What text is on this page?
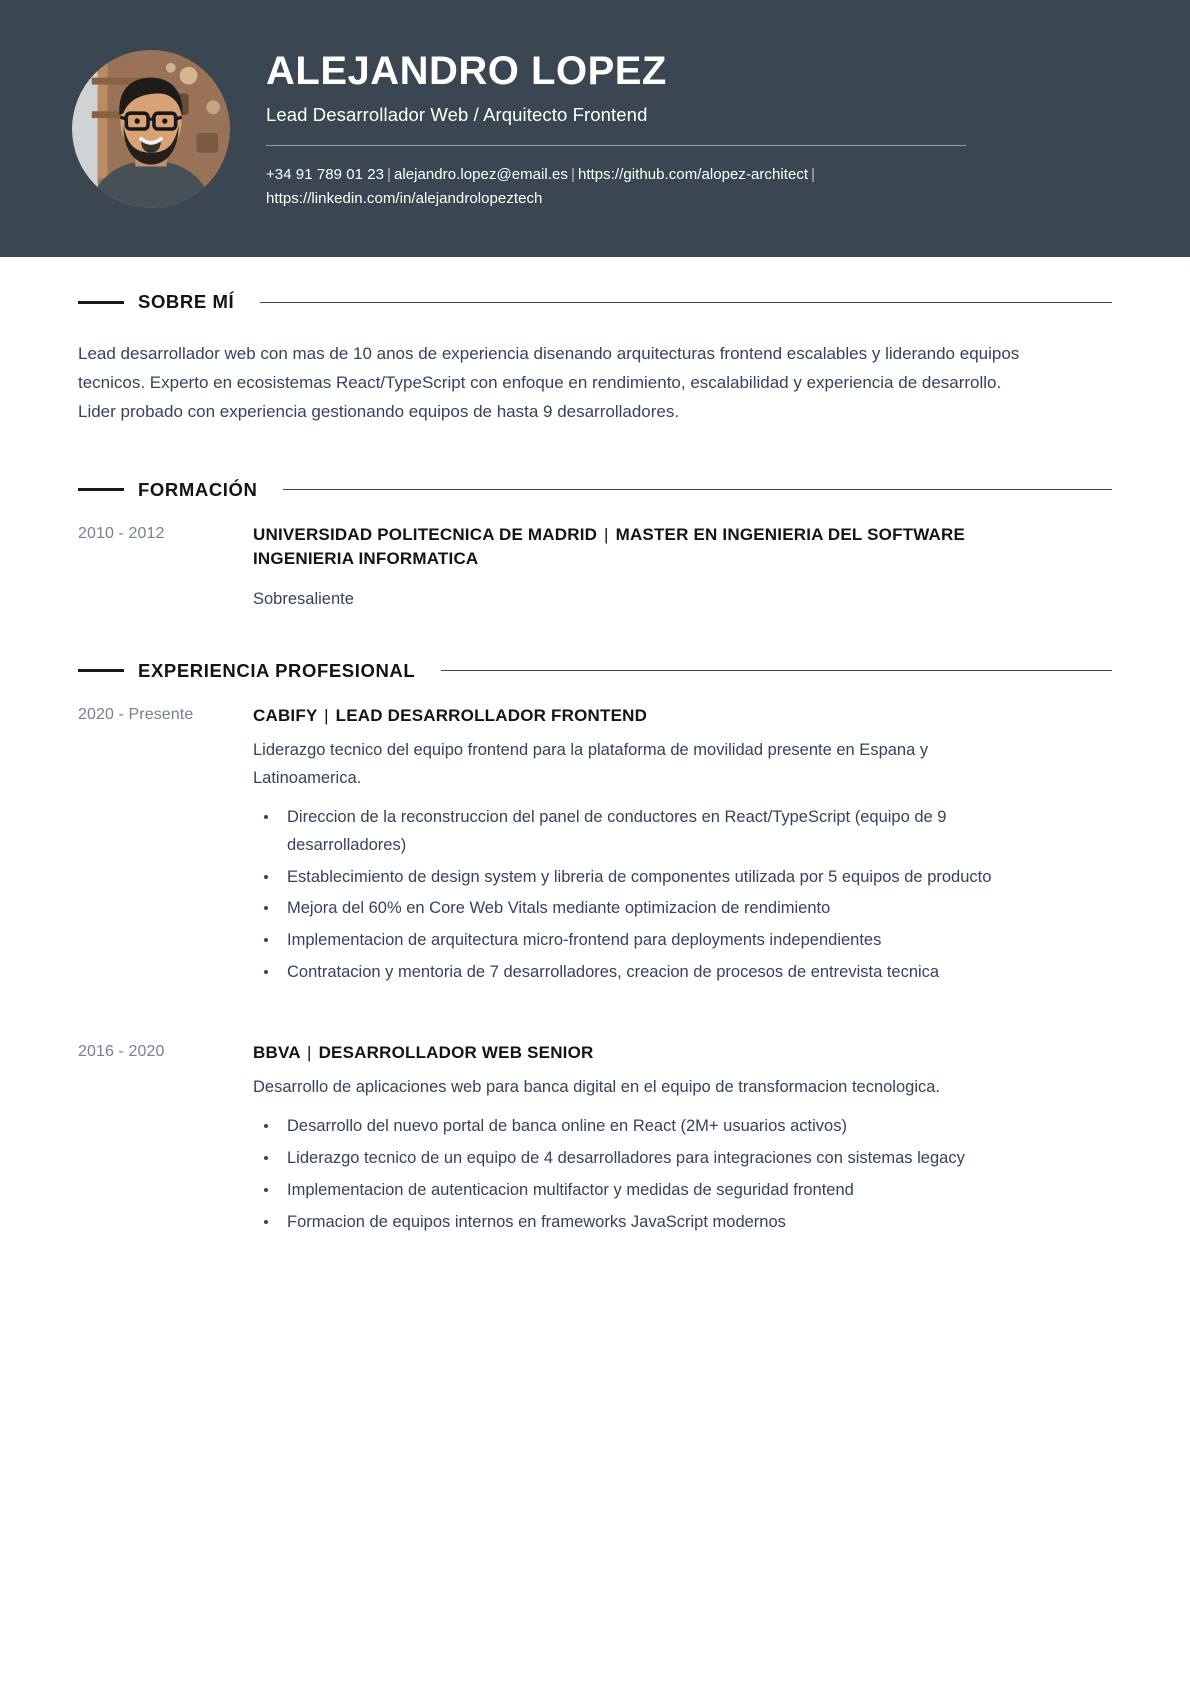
ALEJANDRO LOPEZ
Lead Desarrollador Web / Arquitecto Frontend
+34 91 789 01 23 | alejandro.lopez@email.es | https://github.com/alopez-architect | https://linkedin.com/in/alejandrolopeztech
SOBRE MÍ

Lead desarrollador web con mas de 10 anos de experiencia disenando arquitecturas frontend escalables y liderando equipos tecnicos. Experto en ecosistemas React/TypeScript con enfoque en rendimiento, escalabilidad y experiencia de desarrollo. Lider probado con experiencia gestionando equipos de hasta 9 desarrolladores.

FORMACIÓN
2010 - 2012	UNIVERSIDAD POLITECNICA DE MADRID | MASTER EN INGENIERIA DEL SOFTWARE INGENIERIA INFORMATICA
Sobresaliente
EXPERIENCIA PROFESIONAL
2020 - Presente	CABIFY | LEAD DESARROLLADOR FRONTEND
Liderazgo tecnico del equipo frontend para la plataforma de movilidad presente en Espana y Latinoamerica.
Direccion de la reconstruccion del panel de conductores en React/TypeScript (equipo de 9 desarrolladores)
Establecimiento de design system y libreria de componentes utilizada por 5 equipos de producto
Mejora del 60% en Core Web Vitals mediante optimizacion de rendimiento
Implementacion de arquitectura micro-frontend para deployments independientes
Contratacion y mentoria de 7 desarrolladores, creacion de procesos de entrevista tecnica
2016 - 2020	BBVA | DESARROLLADOR WEB SENIOR
Desarrollo de aplicaciones web para banca digital en el equipo de transformacion tecnologica.
Desarrollo del nuevo portal de banca online en React (2M+ usuarios activos)
Liderazgo tecnico de un equipo de 4 desarrolladores para integraciones con sistemas legacy
Implementacion de autenticacion multifactor y medidas de seguridad frontend
Formacion de equipos internos en frameworks JavaScript modernos
